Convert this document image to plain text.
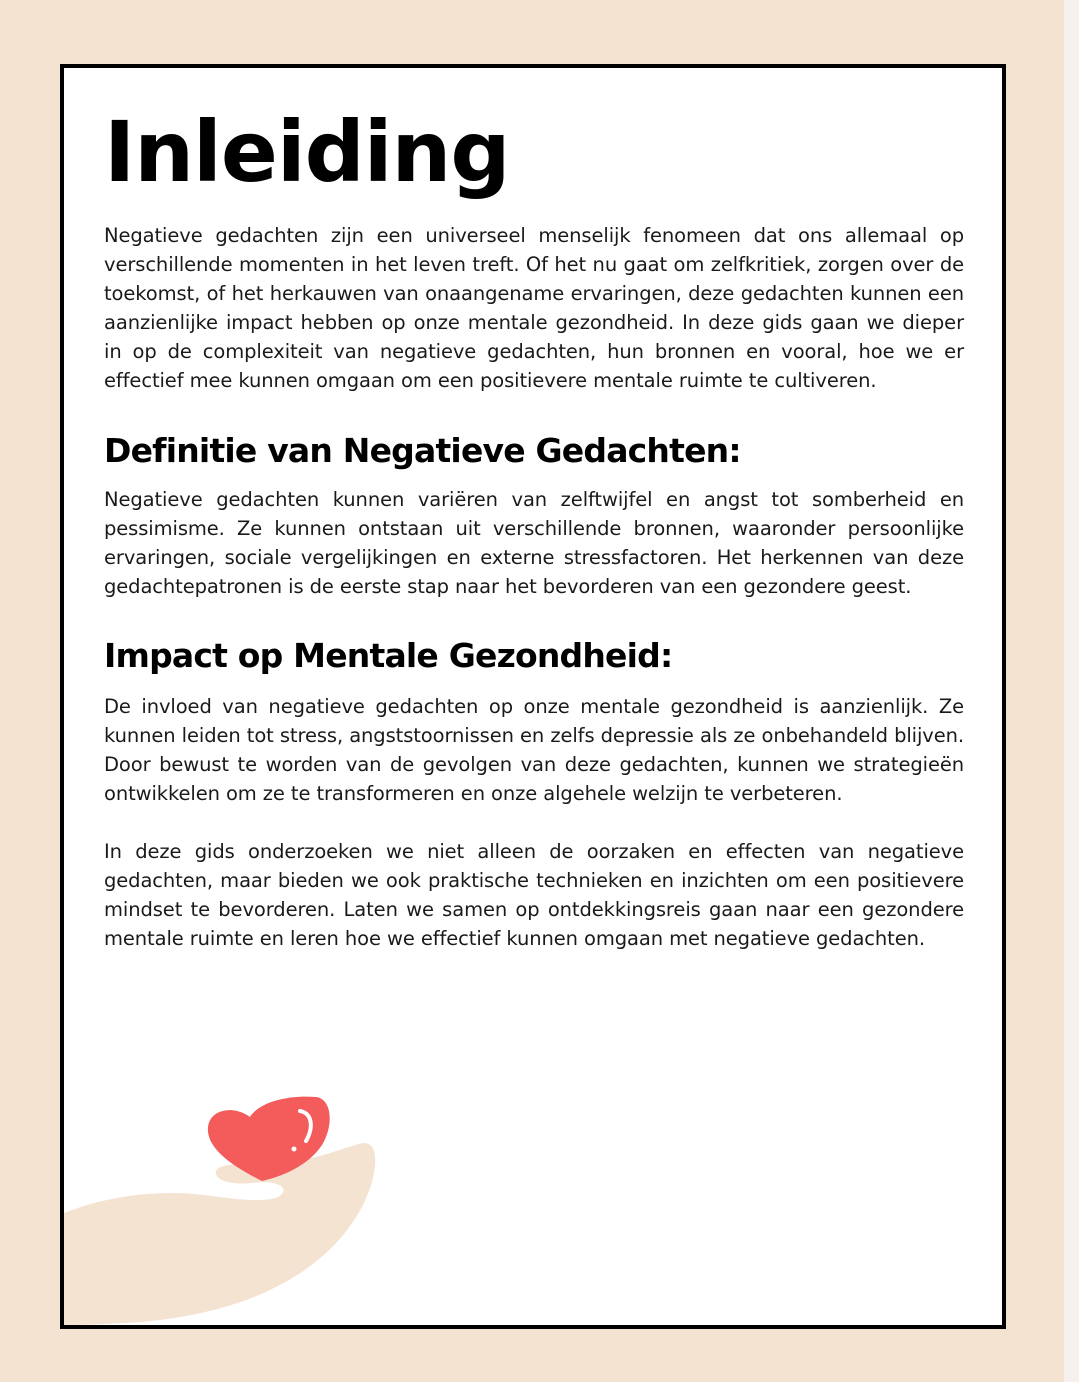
Inleiding

Negatieve gedachten zijn een universeel menselijk fenomeen dat ons allemaal op verschillende momenten in het leven treft. Of het nu gaat om zelfkritiek, zorgen over de toekomst, of het herkauwen van onaangename ervaringen, deze gedachten kunnen een aanzienlijke impact hebben op onze mentale gezondheid. In deze gids gaan we dieper in op de complexiteit van negatieve gedachten, hun bronnen en vooral, hoe we er effectief mee kunnen omgaan om een positievere mentale ruimte te cultiveren.

Definitie van Negatieve Gedachten:

Negatieve gedachten kunnen variëren van zelftwijfel en angst tot somberheid en pessimisme. Ze kunnen ontstaan uit verschillende bronnen, waaronder persoonlijke ervaringen, sociale vergelijkingen en externe stressfactoren. Het herkennen van deze gedachtepatronen is de eerste stap naar het bevorderen van een gezondere geest.

Impact op Mentale Gezondheid:

De invloed van negatieve gedachten op onze mentale gezondheid is aanzienlijk. Ze kunnen leiden tot stress, angststoornissen en zelfs depressie als ze onbehandeld blijven. Door bewust te worden van de gevolgen van deze gedachten, kunnen we strategieën ontwikkelen om ze te transformeren en onze algehele welzijn te verbeteren.

In deze gids onderzoeken we niet alleen de oorzaken en effecten van negatieve gedachten, maar bieden we ook praktische technieken en inzichten om een positievere mindset te bevorderen. Laten we samen op ontdekkingsreis gaan naar een gezondere mentale ruimte en leren hoe we effectief kunnen omgaan met negatieve gedachten.
